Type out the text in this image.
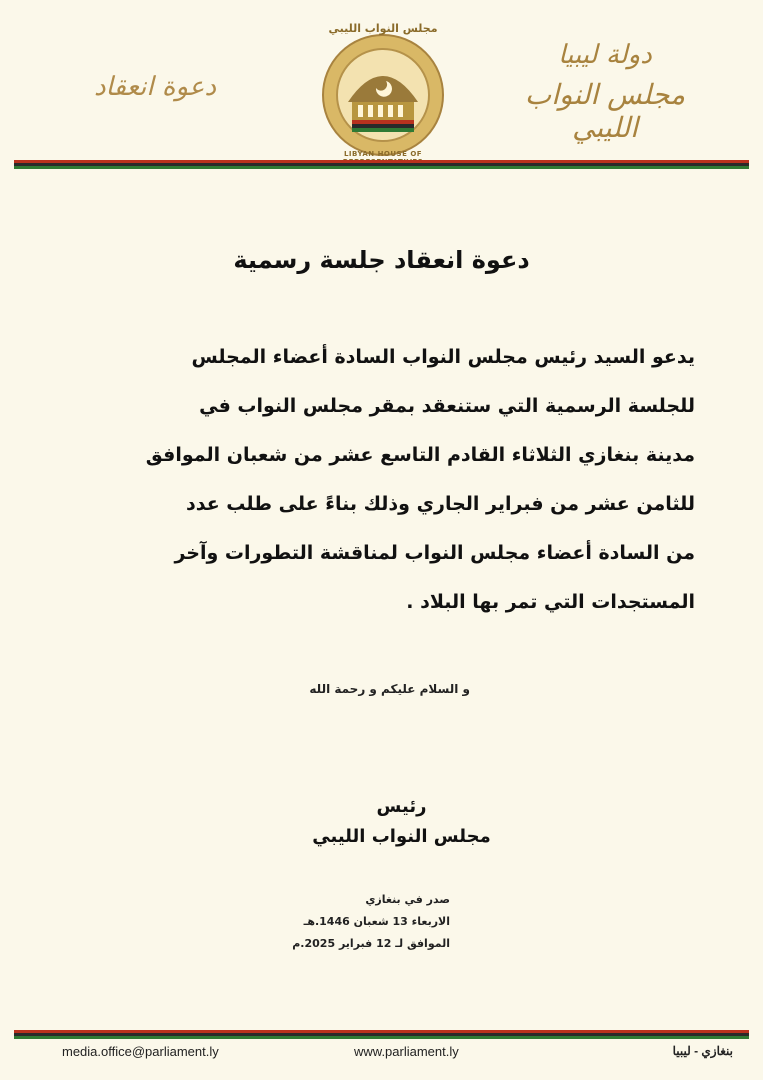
دعوة انعقاد
مجلس النواب الليبي
LIBYAN HOUSE OF
دولة ليبيا
مجلس النواب الليبي
دعوة انعقاد جلسة رسمية
يدعو السيد رئيس مجلس النواب السادة أعضاء المجلس
للجلسة الرسمية التي ستنعقد بمقر مجلس النواب في
مدينة بنغازي الثلاثاء القادم التاسع عشر من شعبان الموافق
للثامن عشر من فبراير الجاري وذلك بناءً على طلب عدد
من السادة أعضاء مجلس النواب لمناقشة التطورات وآخر
المستجدات التي تمر بها البلاد .
و السلام عليكم و رحمة الله
رئيس
مجلس النواب الليبي
صدر في بنغازي
الاربعاء 13 شعبان 1446.هـ
الموافق لـ 12 فبراير 2025.م
media.office@parliament.ly	www.parliament.ly	بنغازي - ليبيا
